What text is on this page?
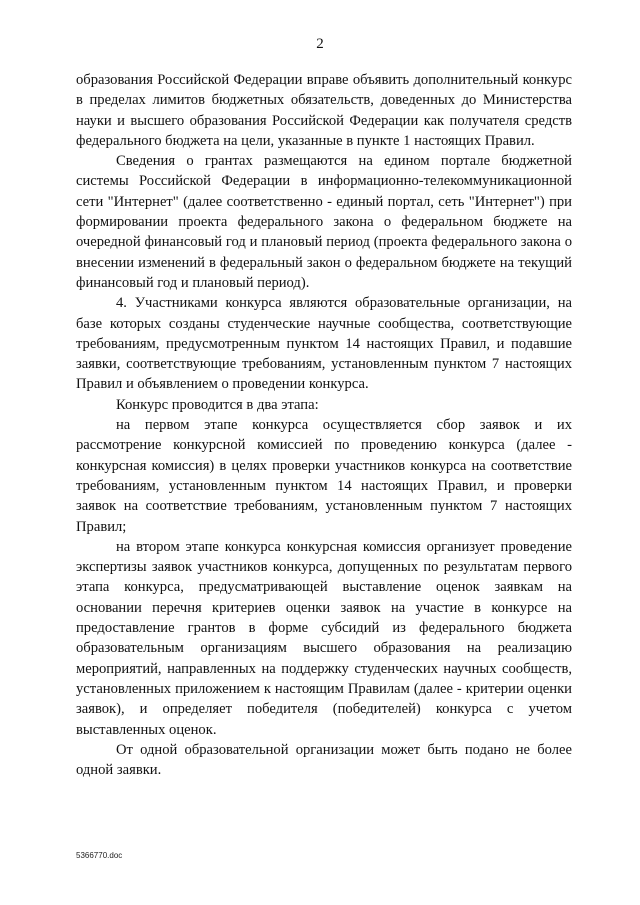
2

образования Российской Федерации вправе объявить дополнительный конкурс в пределах лимитов бюджетных обязательств, доведенных до Министерства науки и высшего образования Российской Федерации как получателя средств федерального бюджета на цели, указанные в пункте 1 настоящих Правил.

Сведения о грантах размещаются на едином портале бюджетной системы Российской Федерации в информационно-телекоммуникационной сети "Интернет" (далее соответственно - единый портал, сеть "Интернет") при формировании проекта федерального закона о федеральном бюджете на очередной финансовый год и плановый период (проекта федерального закона о внесении изменений в федеральный закон о федеральном бюджете на текущий финансовый год и плановый период).

4. Участниками конкурса являются образовательные организации, на базе которых созданы студенческие научные сообщества, соответствующие требованиям, предусмотренным пунктом 14 настоящих Правил, и подавшие заявки, соответствующие требованиям, установленным пунктом 7 настоящих Правил и объявлением о проведении конкурса.

Конкурс проводится в два этапа:

на первом этапе конкурса осуществляется сбор заявок и их рассмотрение конкурсной комиссией по проведению конкурса (далее - конкурсная комиссия) в целях проверки участников конкурса на соответствие требованиям, установленным пунктом 14 настоящих Правил, и проверки заявок на соответствие требованиям, установленным пунктом 7 настоящих Правил;

на втором этапе конкурса конкурсная комиссия организует проведение экспертизы заявок участников конкурса, допущенных по результатам первого этапа конкурса, предусматривающей выставление оценок заявкам на основании перечня критериев оценки заявок на участие в конкурсе на предоставление грантов в форме субсидий из федерального бюджета образовательным организациям высшего образования на реализацию мероприятий, направленных на поддержку студенческих научных сообществ, установленных приложением к настоящим Правилам (далее - критерии оценки заявок), и определяет победителя (победителей) конкурса с учетом выставленных оценок.

От одной образовательной организации может быть подано не более одной заявки.

5366770.doc
